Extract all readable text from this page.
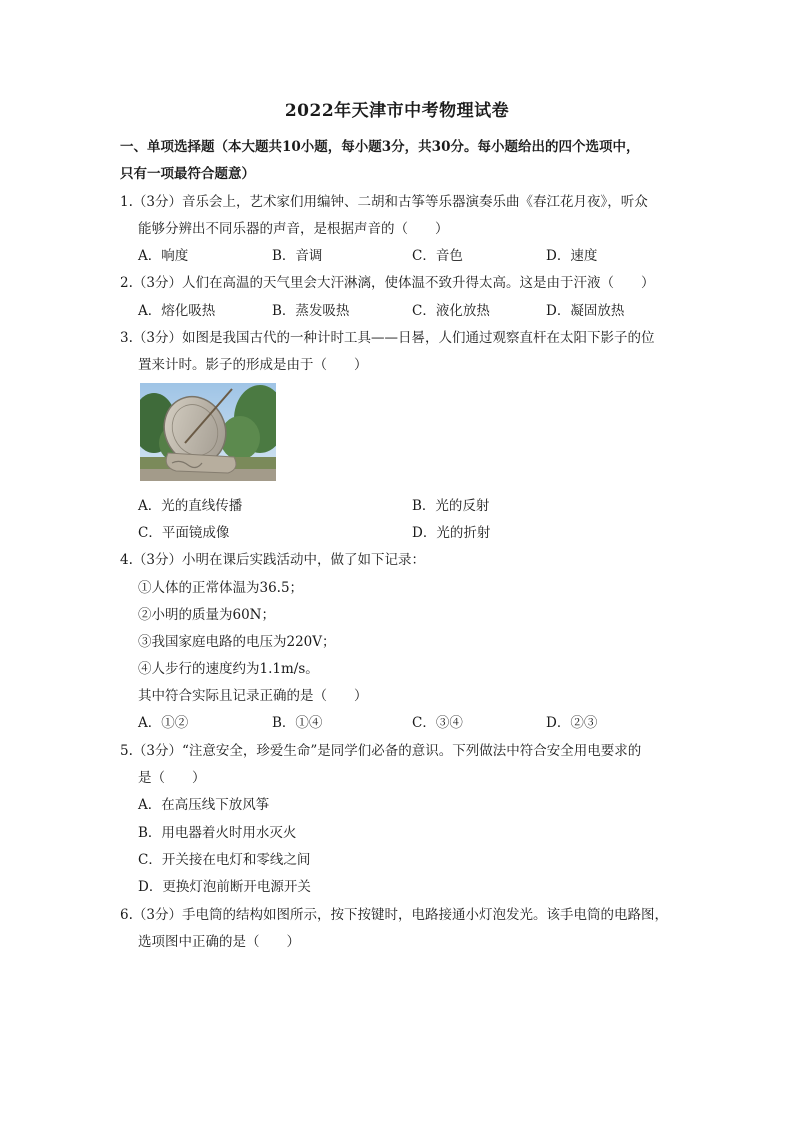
2022年天津市中考物理试卷
一、单项选择题（本大题共10小题，每小题3分，共30分。每小题给出的四个选项中，
只有一项最符合题意）
1.（3分）音乐会上，艺术家们用编钟、二胡和古筝等乐器演奏乐曲《春江花月夜》，听众
能够分辨出不同乐器的声音，是根据声音的（　　）
A．响度	B．音调	C．音色	D．速度
2.（3分）人们在高温的天气里会大汗淋漓，使体温不致升得太高。这是由于汗液（　　）
A．熔化吸热	B．蒸发吸热	C．液化放热	D．凝固放热
3.（3分）如图是我国古代的一种计时工具——日晷，人们通过观察直杆在太阳下影子的位
置来计时。影子的形成是由于（　　）
A．光的直线传播	B．光的反射
C．平面镜成像	D．光的折射
4.（3分）小明在课后实践活动中，做了如下记录：
①人体的正常体温为36.5；
②小明的质量为60N；
③我国家庭电路的电压为220V；
④人步行的速度约为1.1m/s。
其中符合实际且记录正确的是（　　）
A．①②	B．①④	C．③④	D．②③
5.（3分）“注意安全，珍爱生命”是同学们必备的意识。下列做法中符合安全用电要求的
是（　　）
A．在高压线下放风筝
B．用电器着火时用水灭火
C．开关接在电灯和零线之间
D．更换灯泡前断开电源开关
6.（3分）手电筒的结构如图所示，按下按键时，电路接通小灯泡发光。该手电筒的电路图，
选项图中正确的是（　　）
